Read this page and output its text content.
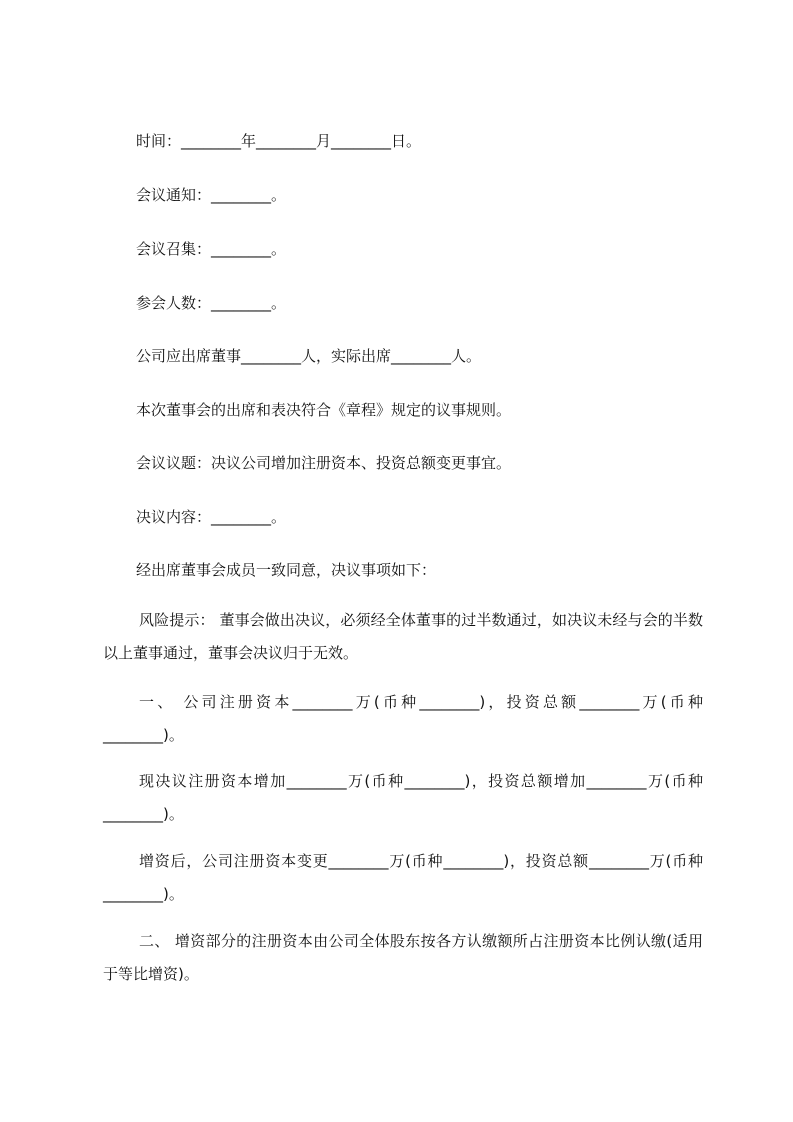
时间：________年________月________日。
会议通知：________。
会议召集：________。
参会人数：________。
公司应出席董事________人，实际出席________人。
本次董事会的出席和表决符合《章程》规定的议事规则。
会议议题：决议公司增加注册资本、投资总额变更事宜。
决议内容：________。
经出席董事会成员一致同意，决议事项如下：
风险提示： 董事会做出决议，必须经全体董事的过半数通过，如决议未经与会的半数以上董事通过，董事会决议归于无效。
一、 公司注册资本________万(币种________)，投资总额________万(币种________)。
现决议注册资本增加________万(币种________)，投资总额增加________万(币种________)。
增资后，公司注册资本变更________万(币种________)，投资总额________万(币种________)。
二、 增资部分的注册资本由公司全体股东按各方认缴额所占注册资本比例认缴(适用于等比增资)。
